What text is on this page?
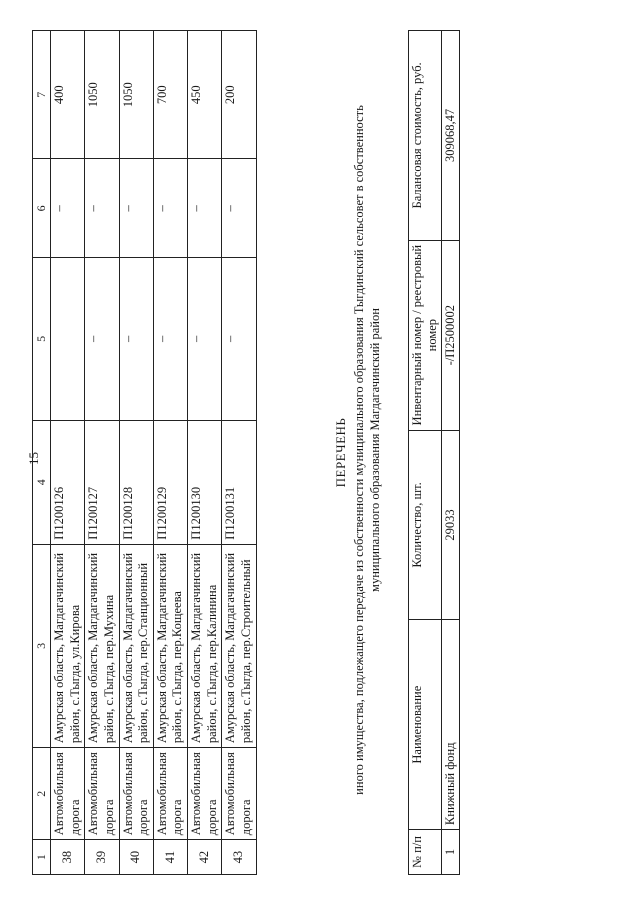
15
1	2	3	4	5	6	7
38	Автомобильная дорога	Амурская область, Магдагачинский район, с.Тыгда, ул.Кирова	П1200126		–	400
39	Автомобильная дорога	Амурская область, Магдагачинский район, с.Тыгда, пер.Мухина	П1200127	–	–	1050
40	Автомобильная дорога	Амурская область, Магдагачинский район, с.Тыгда, пер.Станционный	П1200128	–	–	1050
41	Автомобильная дорога	Амурская область, Магдагачинский район, с.Тыгда, пер.Кощеева	П1200129	–	–	700
42	Автомобильная дорога	Амурская область, Магдагачинский район, с.Тыгда, пер.Калинина	П1200130	–	–	450
43	Автомобильная дорога	Амурская область, Магдагачинский район, с.Тыгда, пер.Строительный	П1200131	–	–	200
ПЕРЕЧЕНЬ иного имущества, подлежащего передаче из собственности муниципального образования Тыгдинский сельсовет в собственность муниципального образования Магдагачинский район
№ п/п	Наименование	Количество, шт.	Инвентарный номер / реестровый номер	Балансовая стоимость, руб.
1	Книжный фонд	29033	-/П2500002	309068,47
